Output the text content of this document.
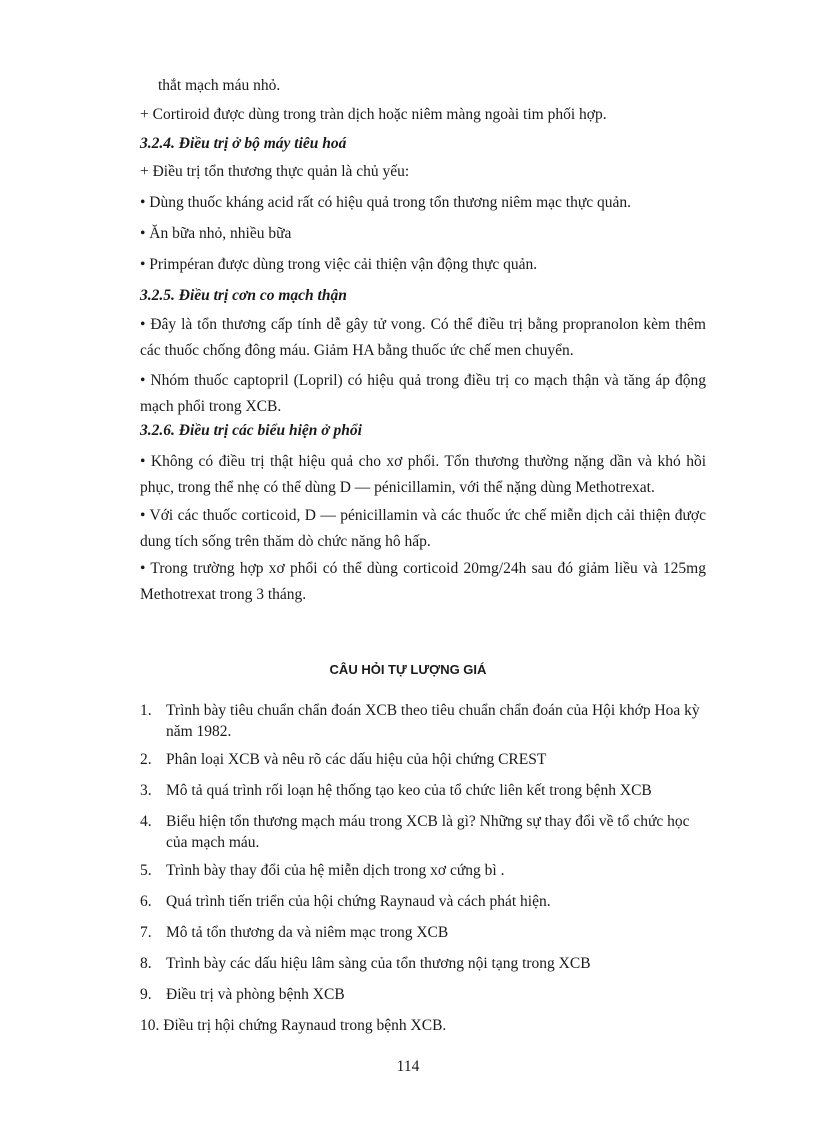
thắt mạch máu nhỏ.
+ Cortiroid được dùng trong tràn dịch hoặc niêm màng ngoài tim phối hợp.
3.2.4. Điều trị ở bộ máy tiêu hoá
+ Điều trị tổn thương thực quản là chủ yếu:
• Dùng thuốc kháng acid rất có hiệu quả trong tổn thương niêm mạc thực quản.
• Ăn bữa nhỏ, nhiều bữa
• Primpéran được dùng trong việc cải thiện vận động thực quản.
3.2.5. Điều trị cơn co mạch thận
• Đây là tổn thương cấp tính dễ gây tử vong. Có thể điều trị bằng propranolon kèm thêm các thuốc chống đông máu. Giảm HA bằng thuốc ức chế men chuyển.
• Nhóm thuốc captopril (Lopril) có hiệu quả trong điều trị co mạch thận và tăng áp động mạch phổi trong XCB.
3.2.6. Điều trị các biểu hiện ở phổi
• Không có điều trị thật hiệu quả cho xơ phổi. Tổn thương thường nặng dần và khó hồi phục, trong thể nhẹ có thể dùng D — pénicillamin, với thể nặng dùng Methotrexat.
• Với các thuốc corticoid, D — pénicillamin và các thuốc ức chế miễn dịch cải thiện được dung tích sống trên thăm dò chức năng hô hấp.
• Trong trường hợp xơ phổi có thể dùng corticoid 20mg/24h sau đó giảm liều và 125mg Methotrexat trong 3 tháng.
CÂU HỎI TỰ LƯỢNG GIÁ
1. Trình bày tiêu chuẩn chẩn đoán XCB theo tiêu chuẩn chẩn đoán của Hội khớp Hoa kỳ năm 1982.
2. Phân loại XCB và nêu rõ các dấu hiệu của hội chứng CREST
3. Mô tả quá trình rối loạn hệ thống tạo keo của tổ chức liên kết trong bệnh XCB
4. Biểu hiện tổn thương mạch máu trong XCB là gì? Những sự thay đổi về tổ chức học của mạch máu.
5. Trình bày thay đổi của hệ miễn dịch trong xơ cứng bì .
6. Quá trình tiến triển của hội chứng Raynaud và cách phát hiện.
7. Mô tả tổn thương da và niêm mạc trong XCB
8. Trình bày các dấu hiệu lâm sàng của tổn thương nội tạng trong XCB
9. Điều trị và phòng bệnh XCB
10. Điều trị hội chứng Raynaud trong bệnh XCB.
114
